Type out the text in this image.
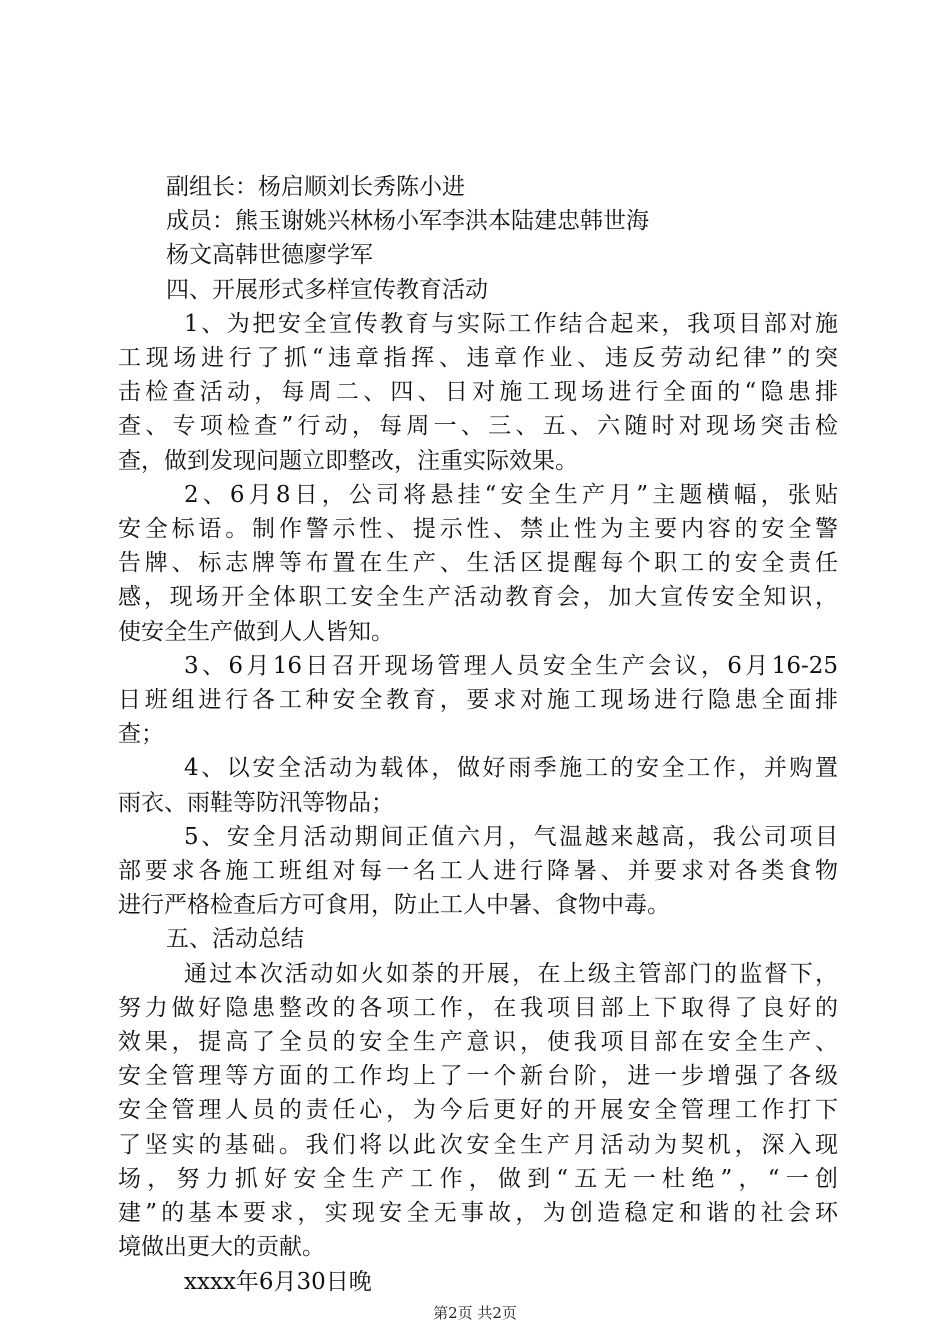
副组长：杨启顺刘长秀陈小进
成员：熊玉谢姚兴林杨小军李洪本陆建忠韩世海
杨文高韩世德廖学军
四、开展形式多样宣传教育活动
1、为把安全宣传教育与实际工作结合起来，我项目部对施
工现场进行了抓“违章指挥、违章作业、违反劳动纪律”的突
击检查活动，每周二、四、日对施工现场进行全面的“隐患排
查、专项检查”行动，每周一、三、五、六随时对现场突击检
查，做到发现问题立即整改，注重实际效果。
2、6月8日，公司将悬挂“安全生产月”主题横幅，张贴
安全标语。制作警示性、提示性、禁止性为主要内容的安全警
告牌、标志牌等布置在生产、生活区提醒每个职工的安全责任
感，现场开全体职工安全生产活动教育会，加大宣传安全知识，
使安全生产做到人人皆知。
3、6月16日召开现场管理人员安全生产会议，6月16-25
日班组进行各工种安全教育，要求对施工现场进行隐患全面排
查；
4、以安全活动为载体，做好雨季施工的安全工作，并购置
雨衣、雨鞋等防汛等物品；
5、安全月活动期间正值六月，气温越来越高，我公司项目
部要求各施工班组对每一名工人进行降暑、并要求对各类食物
进行严格检查后方可食用，防止工人中暑、食物中毒。
五、活动总结
通过本次活动如火如荼的开展，在上级主管部门的监督下，
努力做好隐患整改的各项工作，在我项目部上下取得了良好的
效果，提高了全员的安全生产意识，使我项目部在安全生产、
安全管理等方面的工作均上了一个新台阶，进一步增强了各级
安全管理人员的责任心，为今后更好的开展安全管理工作打下
了坚实的基础。我们将以此次安全生产月活动为契机，深入现
场，努力抓好安全生产工作，做到“五无一杜绝”，“一创
建”的基本要求，实现安全无事故，为创造稳定和谐的社会环
境做出更大的贡献。
xxxx年6月30日晚
第2页 共2页
